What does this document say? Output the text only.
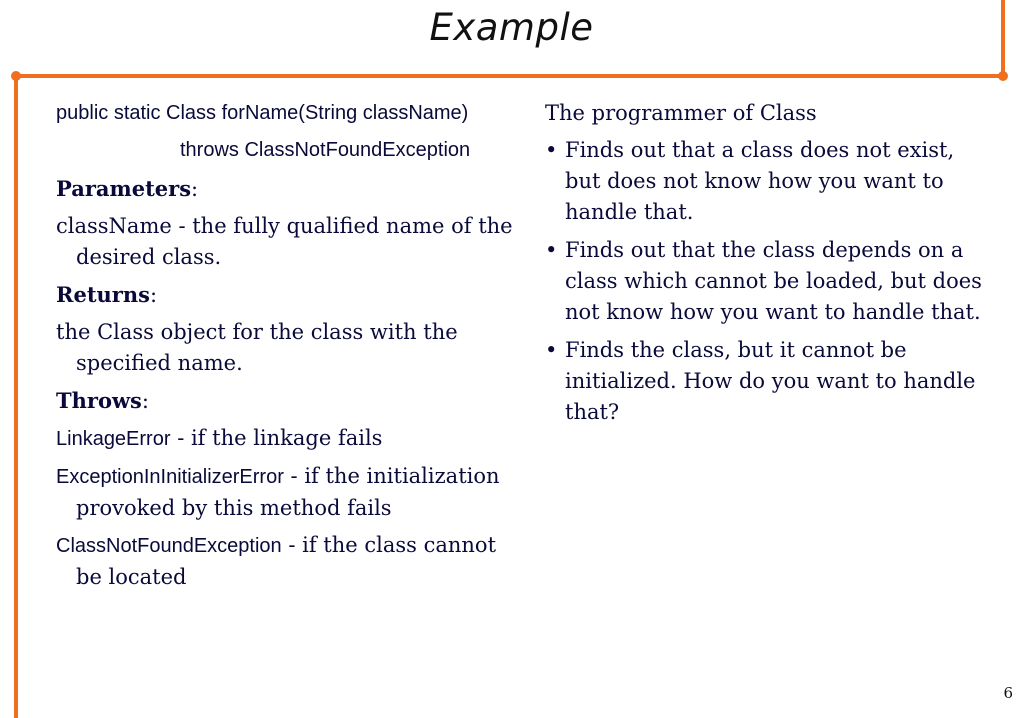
Example
public static Class forName(String className)
throws ClassNotFoundException
Parameters:
className - the fully qualified name of the desired class.
Returns:
the Class object for the class with the specified name.
Throws:
LinkageError - if the linkage fails
ExceptionInInitializerError - if the initialization provoked by this method fails
ClassNotFoundException - if the class cannot be located
The programmer of Class
• Finds out that a class does not exist, but does not know how you want to handle that.
• Finds out that the class depends on a class which cannot be loaded, but does not know how you want to handle that.
• Finds the class, but it cannot be initialized. How do you want to handle that?
6
